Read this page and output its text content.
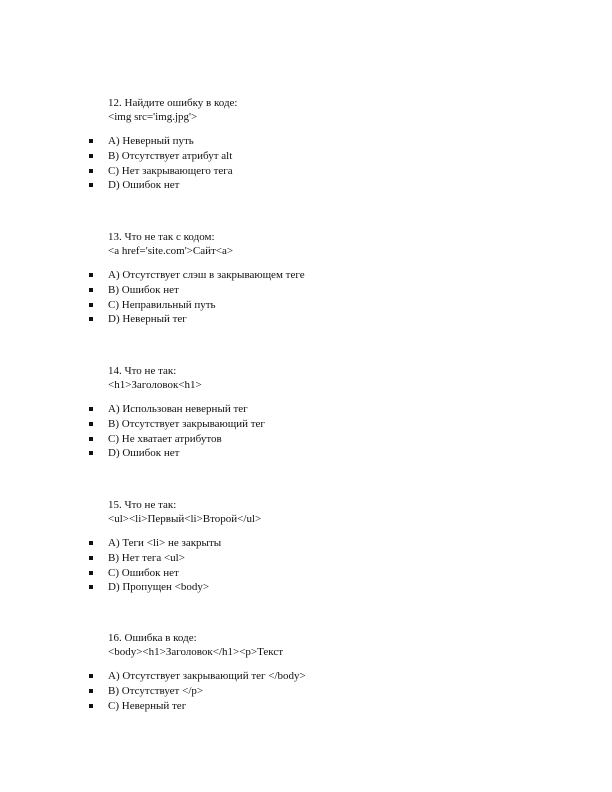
12. Найдите ошибку в коде:
<img src='img.jpg'>
A) Неверный путь
B) Отсутствует атрибут alt
C) Нет закрывающего тега
D) Ошибок нет
13. Что не так с кодом:
<a href='site.com'>Сайт<a>
A) Отсутствует слэш в закрывающем теге
B) Ошибок нет
C) Неправильный путь
D) Неверный тег
14. Что не так:
<h1>Заголовок<h1>
A) Использован неверный тег
B) Отсутствует закрывающий тег
C) Не хватает атрибутов
D) Ошибок нет
15. Что не так:
<ul><li>Первый<li>Второй</ul>
A) Теги <li> не закрыты
B) Нет тега <ul>
C) Ошибок нет
D) Пропущен <body>
16. Ошибка в коде:
<body><h1>Заголовок</h1><p>Текст
A) Отсутствует закрывающий тег </body>
B) Отсутствует </p>
C) Неверный тег
